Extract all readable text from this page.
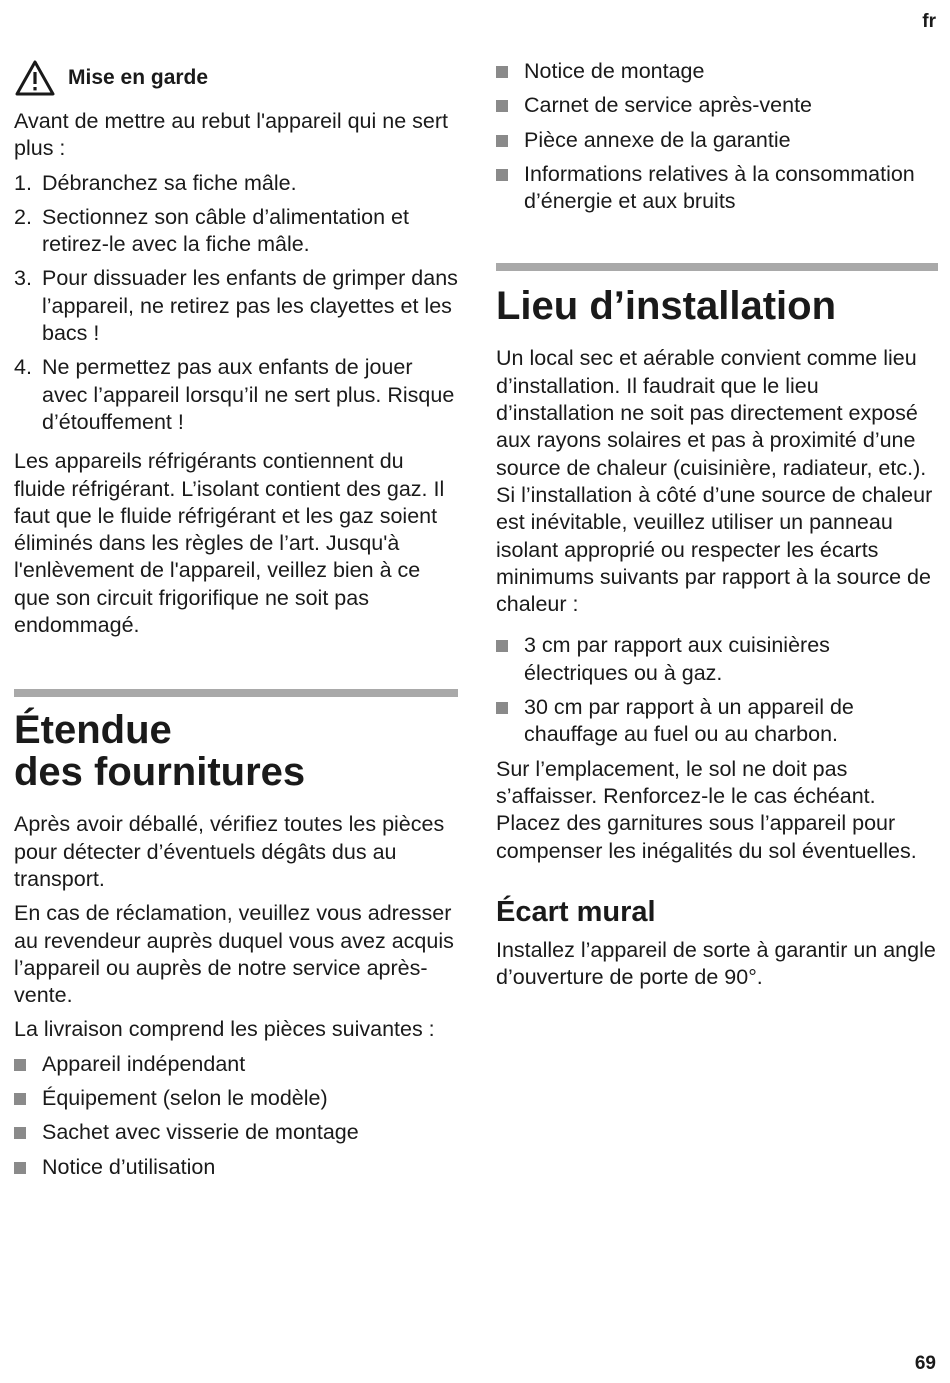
fr
Mise en garde

Avant de mettre au rebut l'appareil qui ne sert plus :

1. Débranchez sa fiche mâle.
2. Sectionnez son câble d’alimentation et retirez-le avec la fiche mâle.
3. Pour dissuader les enfants de grimper dans l’appareil, ne retirez pas les clayettes et les bacs !
4. Ne permettez pas aux enfants de jouer avec l’appareil lorsqu’il ne sert plus. Risque d’étouffement !

Les appareils réfrigérants contiennent du fluide réfrigérant. L’isolant contient des gaz. Il faut que le fluide réfrigérant et les gaz soient éliminés dans les règles de l’art. Jusqu'à l'enlèvement de l'appareil, veillez bien à ce que son circuit frigorifique ne soit pas endommagé.

Étendue
des fournitures

Après avoir déballé, vérifiez toutes les pièces pour détecter d’éventuels dégâts dus au transport.

En cas de réclamation, veuillez vous adresser au revendeur auprès duquel vous avez acquis l’appareil ou auprès de notre service après-vente.

La livraison comprend les pièces suivantes :

Appareil indépendant
Équipement (selon le modèle)
Sachet avec visserie de montage
Notice d’utilisation
Notice de montage
Carnet de service après-vente
Pièce annexe de la garantie
Informations relatives à la consommation d’énergie et aux bruits
Lieu d’installation

Un local sec et aérable convient comme lieu d’installation. Il faudrait que le lieu d’installation ne soit pas directement exposé aux rayons solaires et pas à proximité d’une source de chaleur (cuisinière, radiateur, etc.).

Si l’installation à côté d’une source de chaleur est inévitable, veuillez utiliser un panneau isolant approprié ou respecter les écarts minimums suivants par rapport à la source de chaleur :

3 cm par rapport aux cuisinières électriques ou à gaz.
30 cm par rapport à un appareil de chauffage au fuel ou au charbon.

Sur l’emplacement, le sol ne doit pas s’affaisser. Renforcez-le le cas échéant. Placez des garnitures sous l’appareil pour compenser les inégalités du sol éventuelles.

Écart mural

Installez l’appareil de sorte à garantir un angle d’ouverture de porte de 90°.

69
